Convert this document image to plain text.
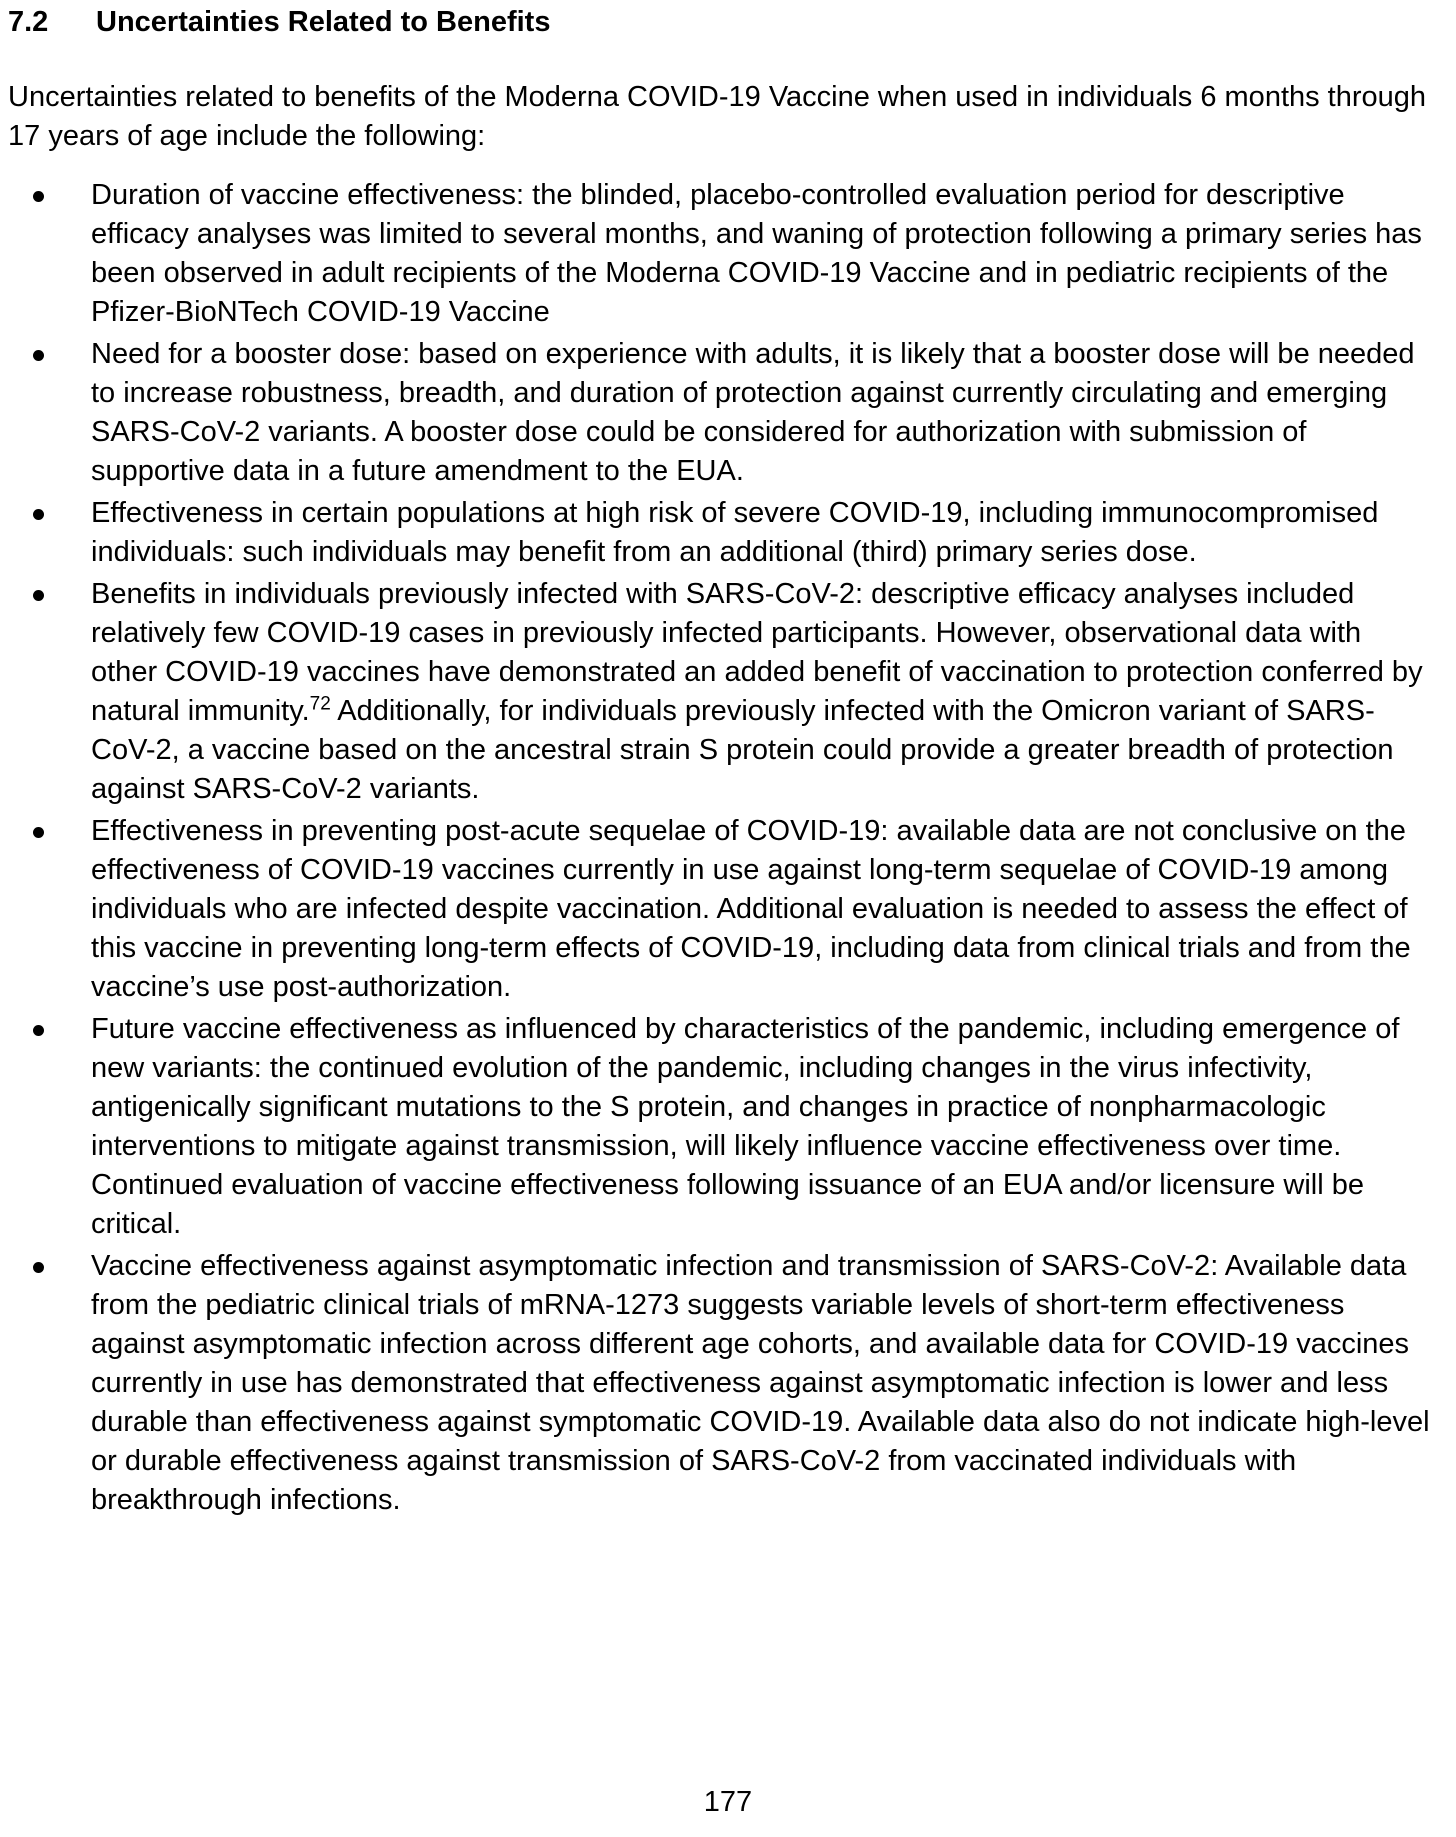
7.2 Uncertainties Related to Benefits

Uncertainties related to benefits of the Moderna COVID-19 Vaccine when used in individuals 6 months through 17 years of age include the following:

Duration of vaccine effectiveness: the blinded, placebo-controlled evaluation period for descriptive efficacy analyses was limited to several months, and waning of protection following a primary series has been observed in adult recipients of the Moderna COVID-19 Vaccine and in pediatric recipients of the Pfizer-BioNTech COVID-19 Vaccine
Need for a booster dose: based on experience with adults, it is likely that a booster dose will be needed to increase robustness, breadth, and duration of protection against currently circulating and emerging SARS-CoV-2 variants. A booster dose could be considered for authorization with submission of supportive data in a future amendment to the EUA.
Effectiveness in certain populations at high risk of severe COVID-19, including immunocompromised individuals: such individuals may benefit from an additional (third) primary series dose.
Benefits in individuals previously infected with SARS-CoV-2: descriptive efficacy analyses included relatively few COVID-19 cases in previously infected participants. However, observational data with other COVID-19 vaccines have demonstrated an added benefit of vaccination to protection conferred by natural immunity.$^{72}$ Additionally, for individuals previously infected with the Omicron variant of SARS-CoV-2, a vaccine based on the ancestral strain S protein could provide a greater breadth of protection against SARS-CoV-2 variants.
Effectiveness in preventing post-acute sequelae of COVID-19: available data are not conclusive on the effectiveness of COVID-19 vaccines currently in use against long-term sequelae of COVID-19 among individuals who are infected despite vaccination. Additional evaluation is needed to assess the effect of this vaccine in preventing long-term effects of COVID-19, including data from clinical trials and from the vaccine’s use post-authorization.
Future vaccine effectiveness as influenced by characteristics of the pandemic, including emergence of new variants: the continued evolution of the pandemic, including changes in the virus infectivity, antigenically significant mutations to the S protein, and changes in practice of nonpharmacologic interventions to mitigate against transmission, will likely influence vaccine effectiveness over time. Continued evaluation of vaccine effectiveness following issuance of an EUA and/or licensure will be critical.
Vaccine effectiveness against asymptomatic infection and transmission of SARS-CoV-2: Available data from the pediatric clinical trials of mRNA-1273 suggests variable levels of short-term effectiveness against asymptomatic infection across different age cohorts, and available data for COVID-19 vaccines currently in use has demonstrated that effectiveness against asymptomatic infection is lower and less durable than effectiveness against symptomatic COVID-19. Available data also do not indicate high-level or durable effectiveness against transmission of SARS-CoV-2 from vaccinated individuals with breakthrough infections.
177
